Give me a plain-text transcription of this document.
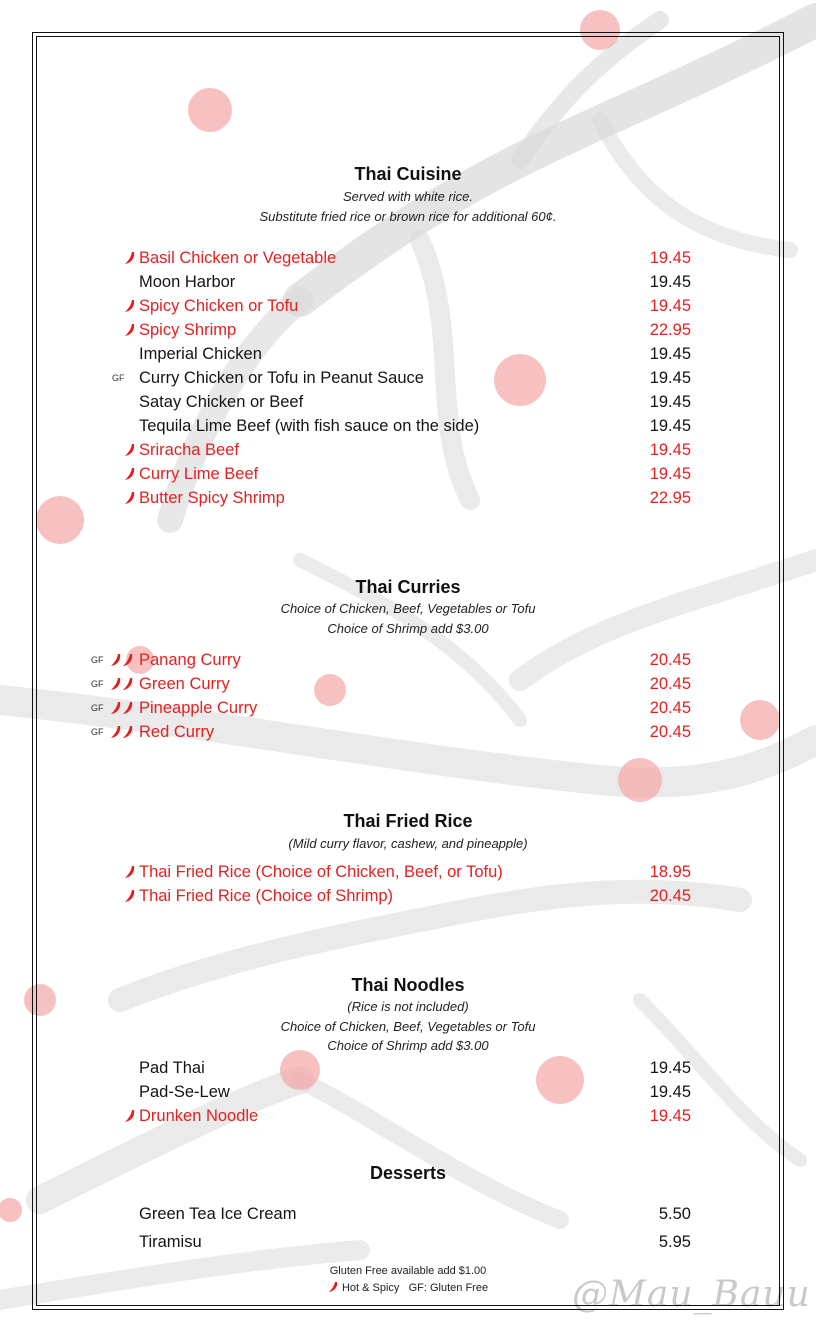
Thai Cuisine
Served with white rice.
Substitute fried rice or brown rice for additional 60¢.
Basil Chicken or Vegetable	19.45
Moon Harbor	19.45
Spicy Chicken or Tofu	19.45
Spicy Shrimp	22.95
Imperial Chicken	19.45
GF Curry Chicken or Tofu in Peanut Sauce	19.45
Satay Chicken or Beef	19.45
Tequila Lime Beef (with fish sauce on the side)	19.45
Sriracha Beef	19.45
Curry Lime Beef	19.45
Butter Spicy Shrimp	22.95
Thai Curries
Choice of Chicken, Beef, Vegetables or Tofu
Choice of Shrimp add $3.00
GF Panang Curry	20.45
GF Green Curry	20.45
GF Pineapple Curry	20.45
GF Red Curry	20.45
Thai Fried Rice
(Mild curry flavor, cashew, and pineapple)
Thai Fried Rice (Choice of Chicken, Beef, or Tofu)	18.95
Thai Fried Rice (Choice of Shrimp)	20.45
Thai Noodles
(Rice is not included)
Choice of Chicken, Beef, Vegetables or Tofu
Choice of Shrimp add $3.00
Pad Thai	19.45
Pad-Se-Lew	19.45
Drunken Noodle	19.45
Desserts
Green Tea Ice Cream	5.50
Tiramisu	5.95
Gluten Free available add $1.00
Hot & Spicy GF: Gluten Free	@Mau_Bauu
